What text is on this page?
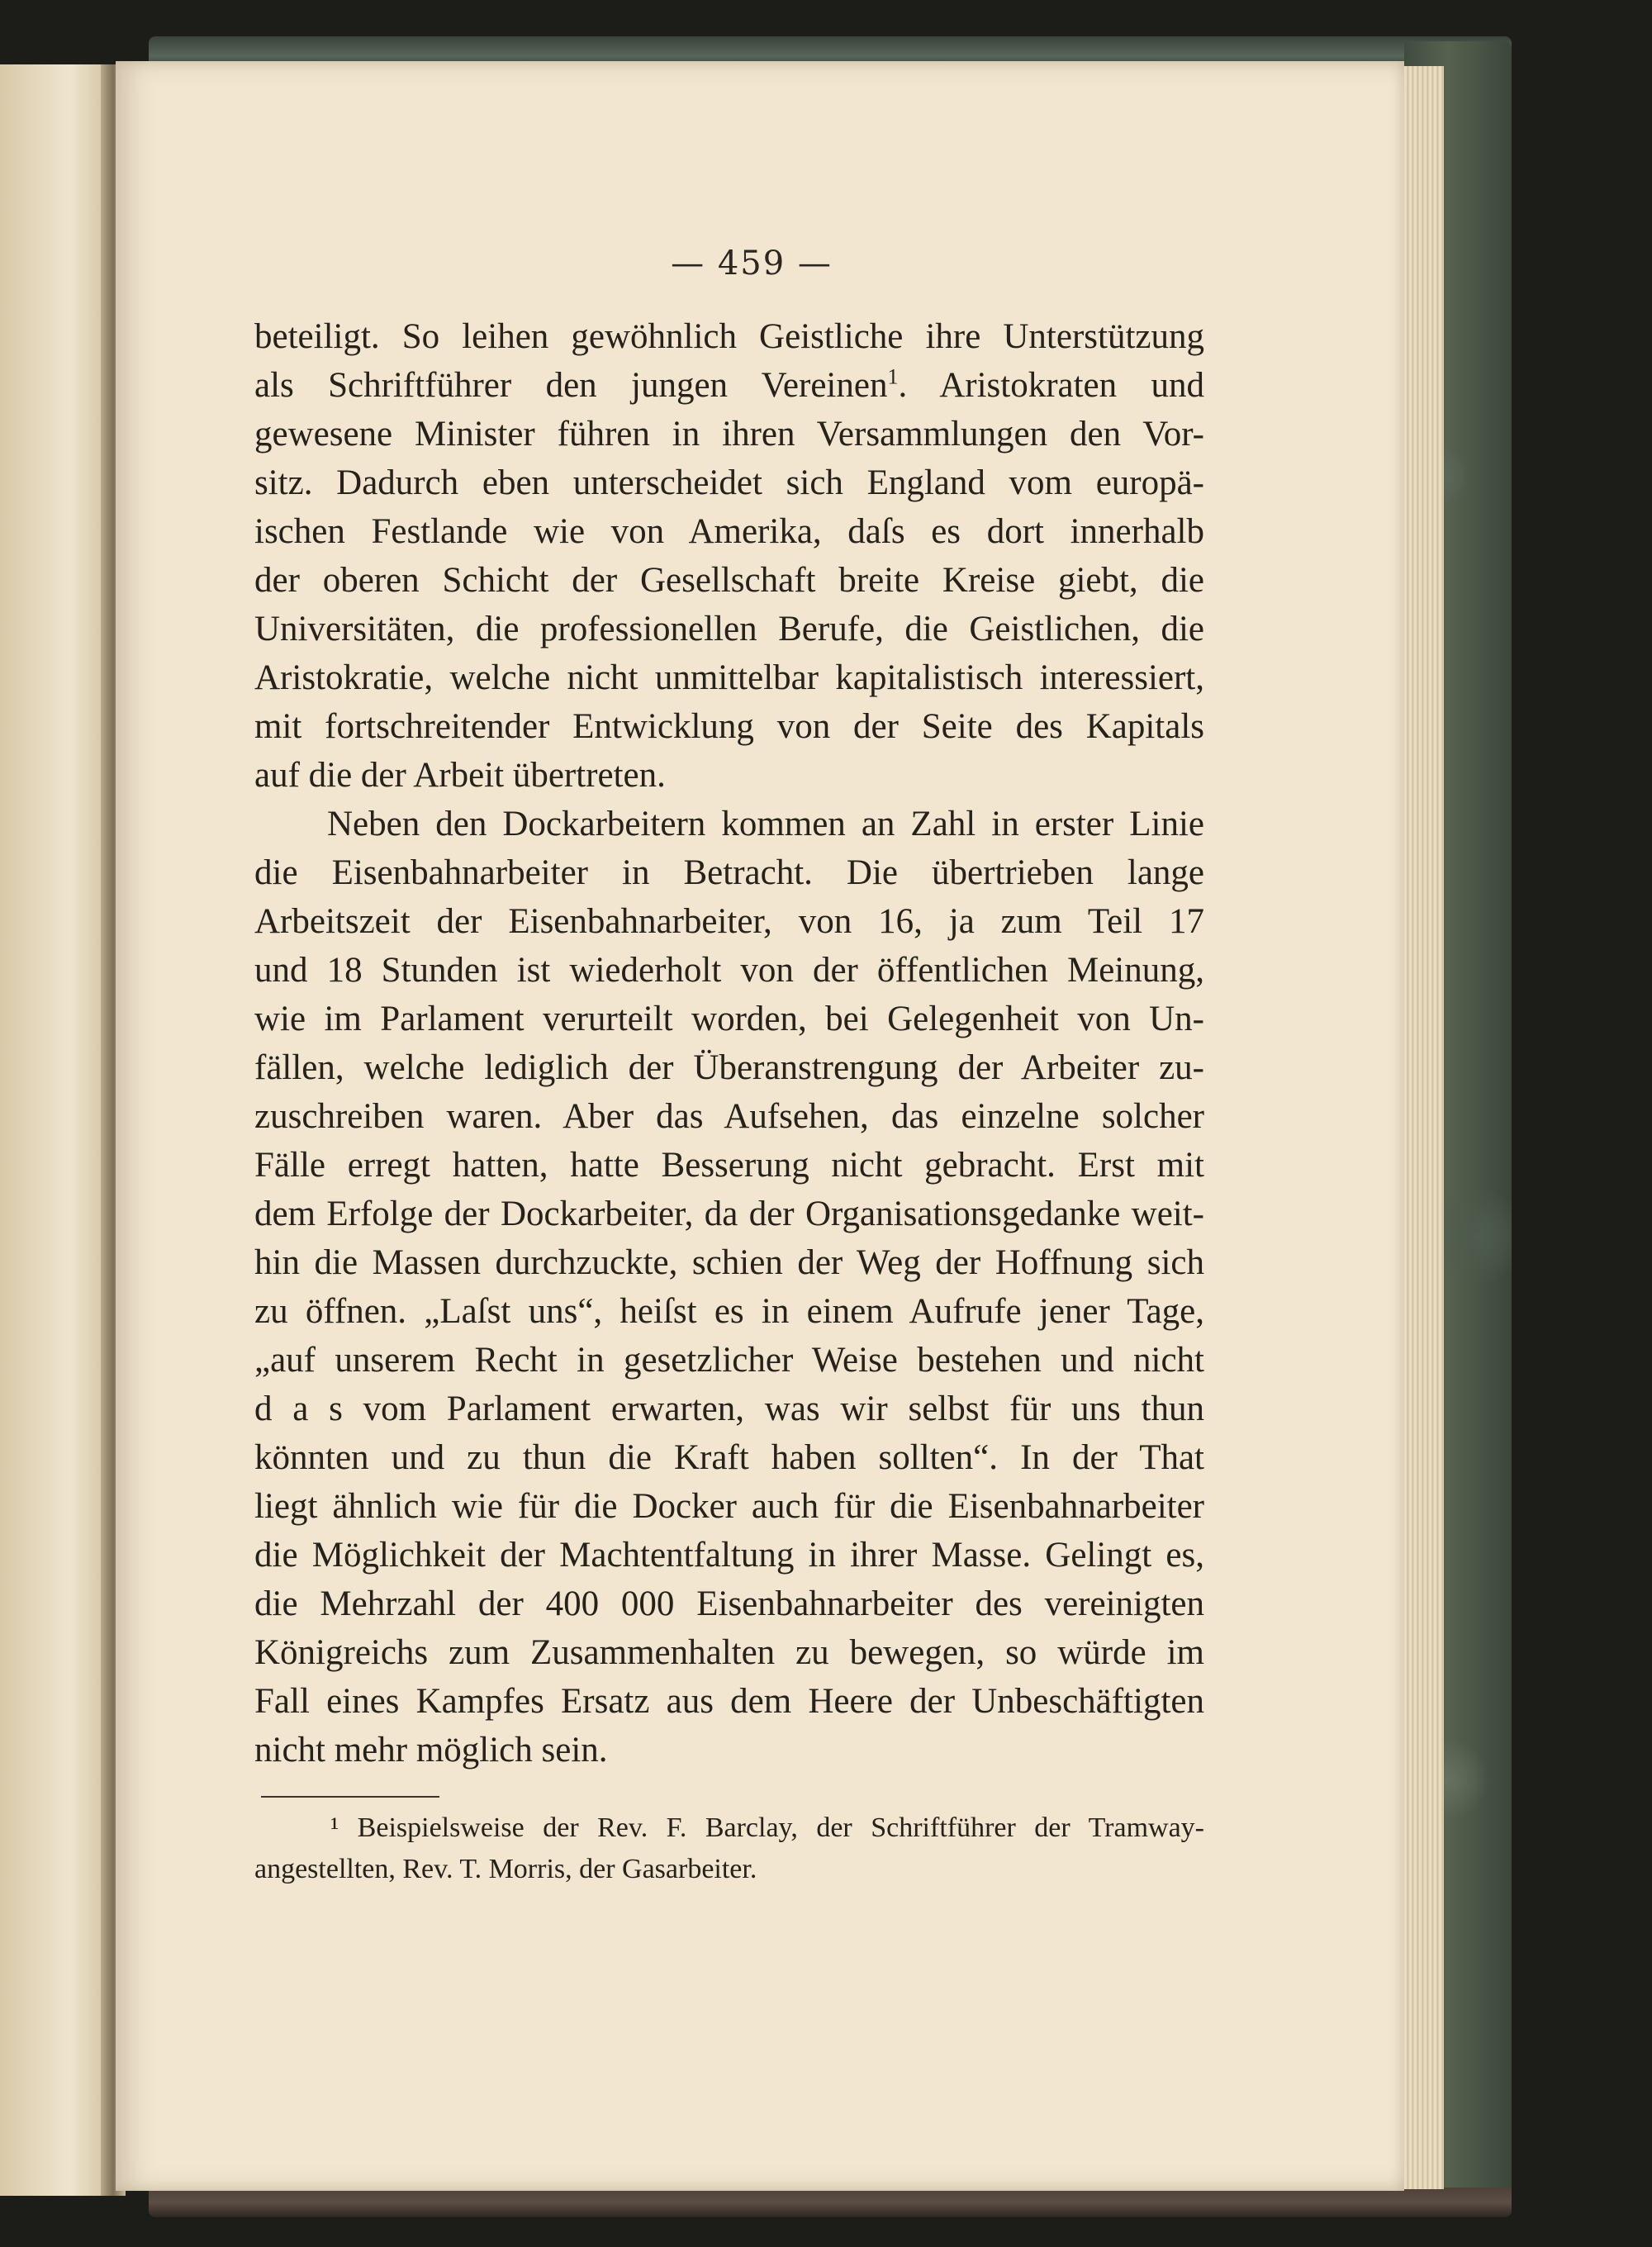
— 459 —

beteiligt. So leihen gewöhnlich Geistliche ihre Unterstützung
als Schriftführer den jungen Vereinen$^1$. Aristokraten und
gewesene Minister führen in ihren Versammlungen den Vor-
sitz. Dadurch eben unterscheidet sich England vom europä-
ischen Festlande wie von Amerika, daſs es dort innerhalb
der oberen Schicht der Gesellschaft breite Kreise giebt, die
Universitäten, die professionellen Berufe, die Geistlichen, die
Aristokratie, welche nicht unmittelbar kapitalistisch interessiert,
mit fortschreitender Entwicklung von der Seite des Kapitals
auf die der Arbeit übertreten.

Neben den Dockarbeitern kommen an Zahl in erster Linie
die Eisenbahnarbeiter in Betracht. Die übertrieben lange
Arbeitszeit der Eisenbahnarbeiter, von 16, ja zum Teil 17
und 18 Stunden ist wiederholt von der öffentlichen Meinung,
wie im Parlament verurteilt worden, bei Gelegenheit von Un-
fällen, welche lediglich der Überanstrengung der Arbeiter zu-
zuschreiben waren. Aber das Aufsehen, das einzelne solcher
Fälle erregt hatten, hatte Besserung nicht gebracht. Erst mit
dem Erfolge der Dockarbeiter, da der Organisationsgedanke weit-
hin die Massen durchzuckte, schien der Weg der Hoffnung sich
zu öffnen. „Laſst uns“, heiſst es in einem Aufrufe jener Tage,
„auf unserem Recht in gesetzlicher Weise bestehen und nicht
d a s vom Parlament erwarten, was wir selbst für uns thun
könnten und zu thun die Kraft haben sollten“. In der That
liegt ähnlich wie für die Docker auch für die Eisenbahnarbeiter
die Möglichkeit der Machtentfaltung in ihrer Masse. Gelingt es,
die Mehrzahl der 400 000 Eisenbahnarbeiter des vereinigten
Königreichs zum Zusammenhalten zu bewegen, so würde im
Fall eines Kampfes Ersatz aus dem Heere der Unbeschäftigten
nicht mehr möglich sein.

¹ Beispielsweise der Rev. F. Barclay, der Schriftführer der Tramway-
angestellten, Rev. T. Morris, der Gasarbeiter.
